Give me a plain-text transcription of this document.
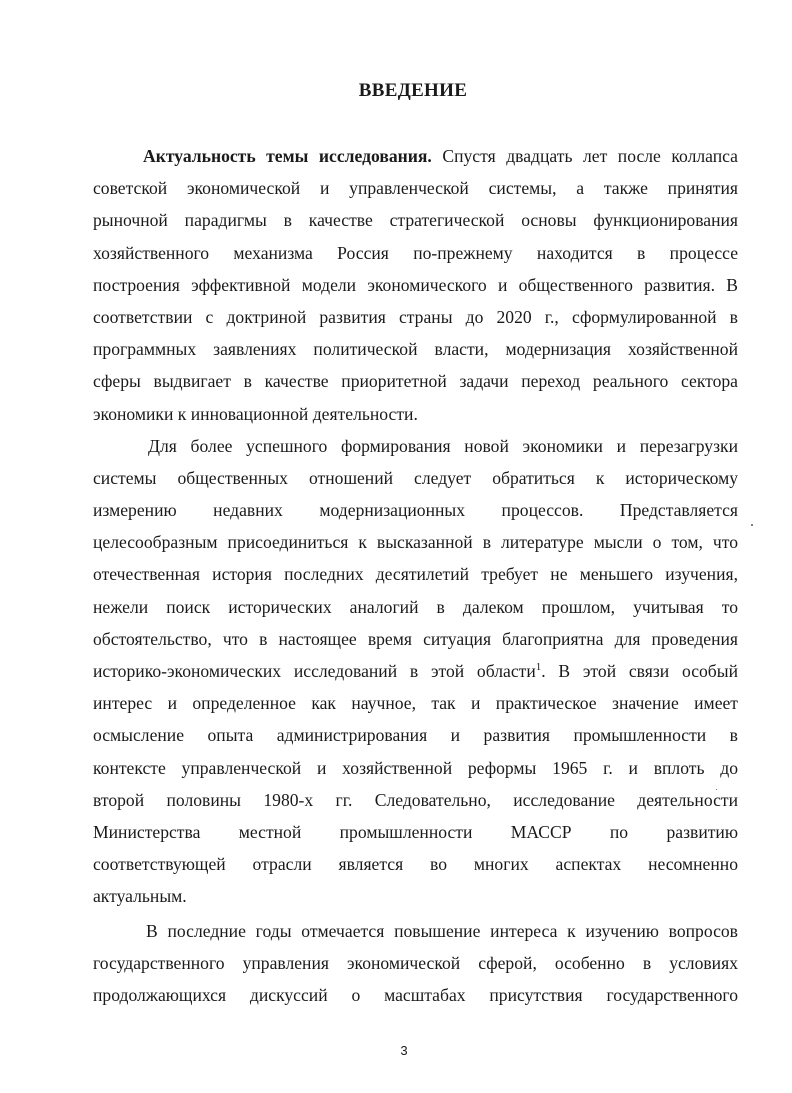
ВВЕДЕНИЕ
Актуальность темы исследования. Спустя двадцать лет после коллапса
советской экономической и управленческой системы, а также принятия
рыночной парадигмы в качестве стратегической основы функционирования
хозяйственного механизма Россия по-прежнему находится в процессе
построения эффективной модели экономического и общественного развития. В
соответствии с доктриной развития страны до 2020 г., сформулированной в
программных заявлениях политической власти, модернизация хозяйственной
сферы выдвигает в качестве приоритетной задачи переход реального сектора
экономики к инновационной деятельности.
Для более успешного формирования новой экономики и перезагрузки
системы общественных отношений следует обратиться к историческому
измерению недавних модернизационных процессов. Представляется
целесообразным присоединиться к высказанной в литературе мысли о том, что
отечественная история последних десятилетий требует не меньшего изучения,
нежели поиск исторических аналогий в далеком прошлом, учитывая то
обстоятельство, что в настоящее время ситуация благоприятна для проведения
историко-экономических исследований в этой области$^1$. В этой связи особый
интерес и определенное как научное, так и практическое значение имеет
осмысление опыта администрирования и развития промышленности в
контексте управленческой и хозяйственной реформы 1965 г. и вплоть до
второй половины 1980-х гг. Следовательно, исследование деятельности
Министерства местной промышленности МАССР по развитию
соответствующей отрасли является во многих аспектах несомненно
актуальным.
В последние годы отмечается повышение интереса к изучению вопросов
государственного управления экономической сферой, особенно в условиях
продолжающихся дискуссий о масштабах присутствия государственного
3
